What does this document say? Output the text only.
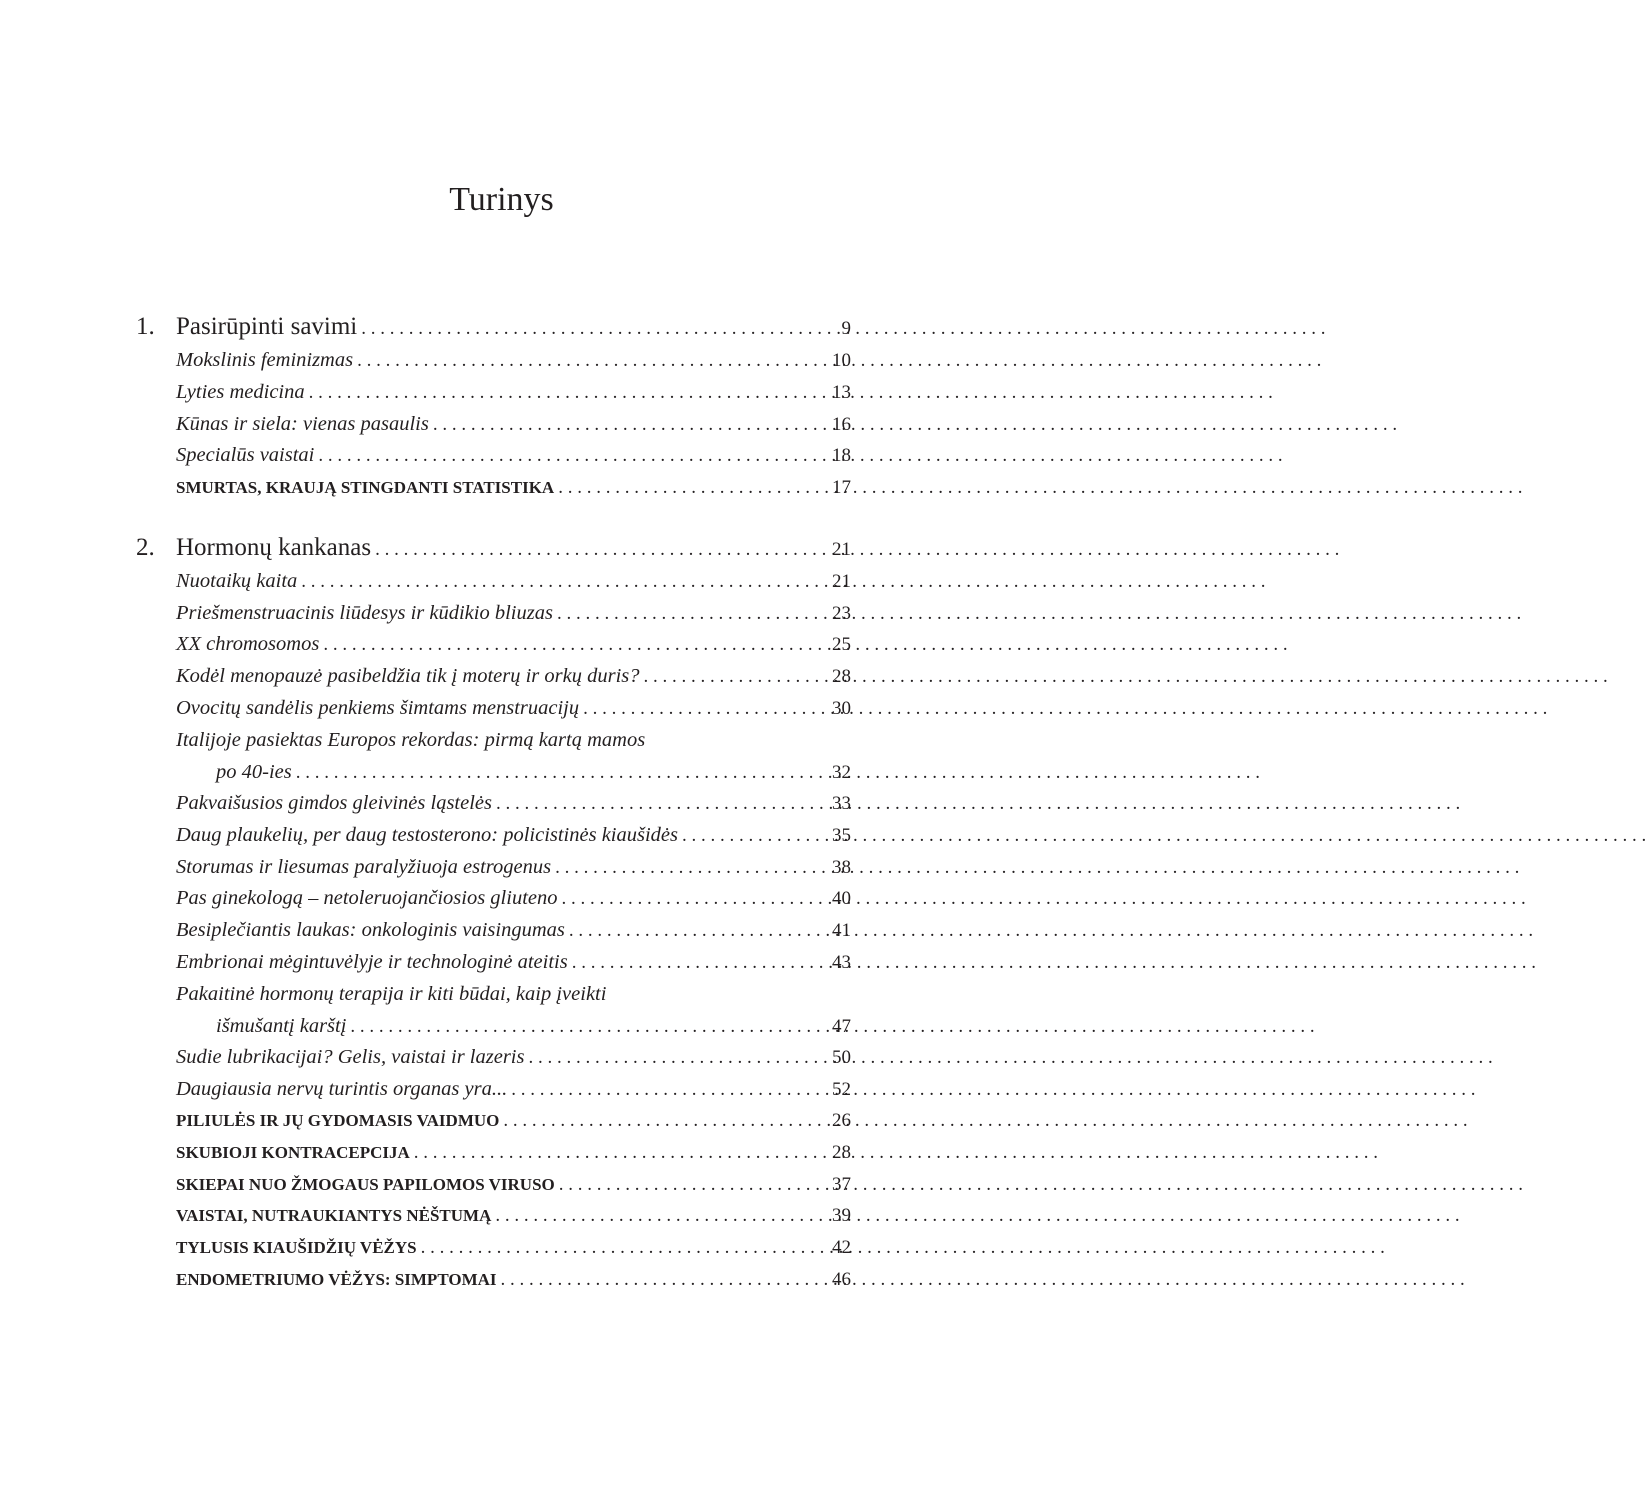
Turinys
1. Pasirūpinti savimi . . .	9
Mokslinis feminizmas . . .	10
Lyties medicina . . .	13
Kūnas ir siela: vienas pasaulis . . .	16
Specialūs vaistai . . .	18
SMURTAS, KRAUJĄ STINGDANTI STATISTIKA . . .	17
2. Hormonų kankanas . . .	21
Nuotaikų kaita . . .	21
Priešmenstruacinis liūdesys ir kūdikio bliuzas . . .	23
XX chromosomos . . .	25
Kodėl menopauzė pasibeldžia tik į moterų ir orkų duris? . . .	28
Ovocitų sandėlis penkiems šimtams menstruacijų . . .	30
Italijoje pasiektas Europos rekordas: pirmą kartą mamos
po 40-ies . . .	32
Pakvaišusios gimdos gleivinės ląstelės . . .	33
Daug plaukelių, per daug testosterono: policistinės kiaušidės . . .	35
Storumas ir liesumas paralyžiuoja estrogenus . . .	38
Pas ginekologą – netoleruojančiosios gliuteno . . .	40
Besiplečiantis laukas: onkologinis vaisingumas . . .	41
Embrionai mėgintuvėlyje ir technologinė ateitis . . .	43
Pakaitinė hormonų terapija ir kiti būdai, kaip įveikti
išmušantį karštį . . .	47
Sudie lubrikacijai? Gelis, vaistai ir lazeris . . .	50
Daugiausia nervų turintis organas yra... . . .	52
PILIULĖS IR JŲ GYDOMASIS VAIDMUO . . .	26
SKUBIOJI KONTRACEPCIJA . . .	28
SKIEPAI NUO ŽMOGAUS PAPILOMOS VIRUSO . . .	37
VAISTAI, NUTRAUKIANTYS NĖŠTUMĄ . . .	39
TYLUSIS KIAUŠIDŽIŲ VĖŽYS . . .	42
ENDOMETRIUMO VĖŽYS: SIMPTOMAI . . .	46
